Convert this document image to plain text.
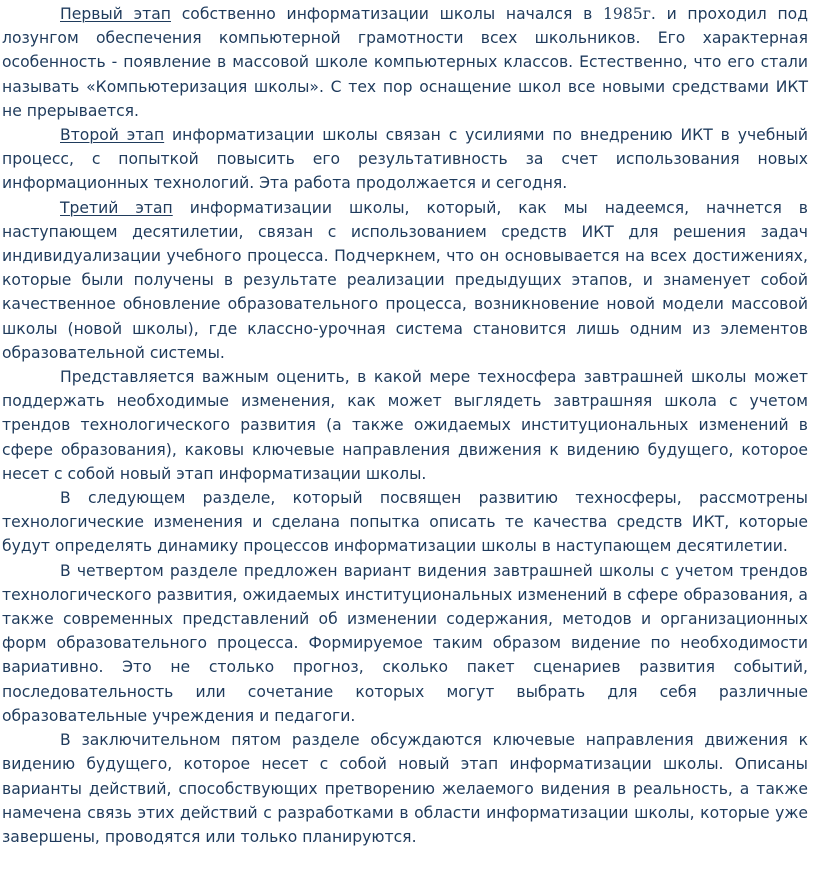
Первый этап собственно информатизации школы начался в 1985г. и проходил под лозунгом обеспечения компьютерной грамотности всех школьников. Его характерная особенность - появление в массовой школе компьютерных классов. Естественно, что его стали называть «Компьютеризация школы». С тех пор оснащение школ все новыми средствами ИКТ не прерывается.

Второй этап информатизации школы связан с усилиями по внедрению ИКТ в учебный процесс, с попыткой повысить его результативность за счет использования новых информационных технологий. Эта работа продолжается и сегодня.

Третий этап информатизации школы, который, как мы надеемся, начнется в наступающем десятилетии, связан с использованием средств ИКТ для решения задач индивидуализации учебного процесса. Подчеркнем, что он основывается на всех достижениях, которые были получены в результате реализации предыдущих этапов, и знаменует собой качественное обновление образовательного процесса, возникновение новой модели массовой школы (новой школы), где классно-урочная система становится лишь одним из элементов образовательной системы.

Представляется важным оценить, в какой мере техносфера завтрашней школы может поддержать необходимые изменения, как может выглядеть завтрашняя школа с учетом трендов технологического развития (а также ожидаемых институциональных изменений в сфере образования), каковы ключевые направления движения к видению будущего, которое несет с собой новый этап информатизации школы.

В следующем разделе, который посвящен развитию техносферы, рассмотрены технологические изменения и сделана попытка описать те качества средств ИКТ, которые будут определять динамику процессов информатизации школы в наступающем десятилетии.

В четвертом разделе предложен вариант видения завтрашней школы с учетом трендов технологического развития, ожидаемых институциональных изменений в сфере образования, а также современных представлений об изменении содержания, методов и организационных форм образовательного процесса. Формируемое таким образом видение по необходимости вариативно. Это не столько прогноз, сколько пакет сценариев развития событий, последовательность или сочетание которых могут выбрать для себя различные образовательные учреждения и педагоги.

В заключительном пятом разделе обсуждаются ключевые направления движения к видению будущего, которое несет с собой новый этап информатизации школы. Описаны варианты действий, способствующих претворению желаемого видения в реальность, а также намечена связь этих действий с разработками в области информатизации школы, которые уже завершены, проводятся или только планируются.
